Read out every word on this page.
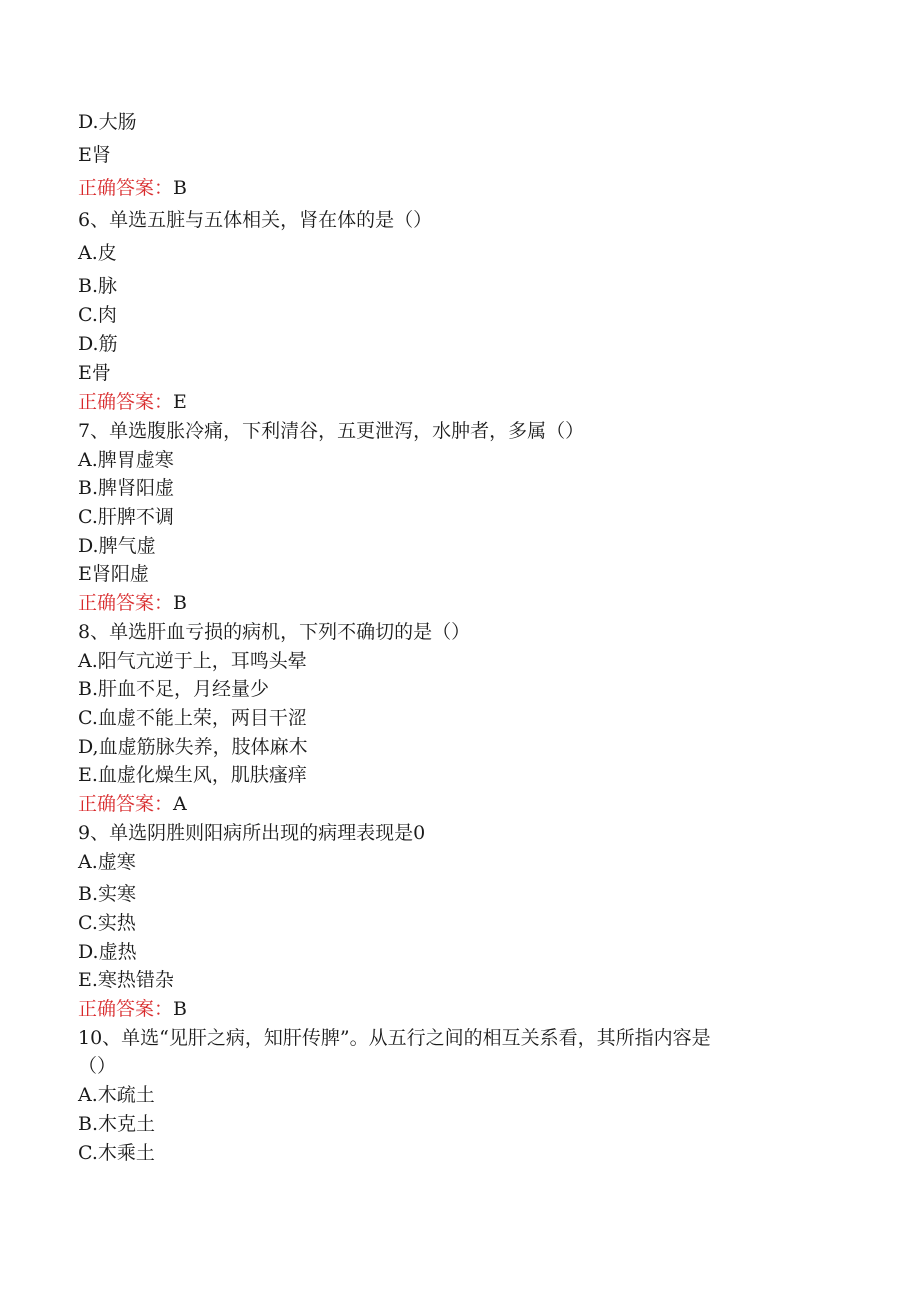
D.大肠
E肾
正确答案：B
6、单选五脏与五体相关，肾在体的是（）
A.皮
B.脉
C.肉
D.筋
E骨
正确答案：E
7、单选腹胀冷痛，下利清谷，五更泄泻，水肿者，多属（）
A.脾胃虚寒
B.脾肾阳虚
C.肝脾不调
D.脾气虚
E肾阳虚
正确答案：B
8、单选肝血亏损的病机，下列不确切的是（）
A.阳气亢逆于上，耳鸣头晕
B.肝血不足，月经量少
C.血虚不能上荣，两目干涩
D,血虚筋脉失养，肢体麻木
E.血虚化燥生风，肌肤瘙痒
正确答案：A
9、单选阴胜则阳病所出现的病理表现是0
A.虚寒
B.实寒
C.实热
D.虚热
E.寒热错杂
正确答案：B
10、单选“见肝之病，知肝传脾”。从五行之间的相互关系看，其所指内容是
（）
A.木疏土
B.木克土
C.木乘土
